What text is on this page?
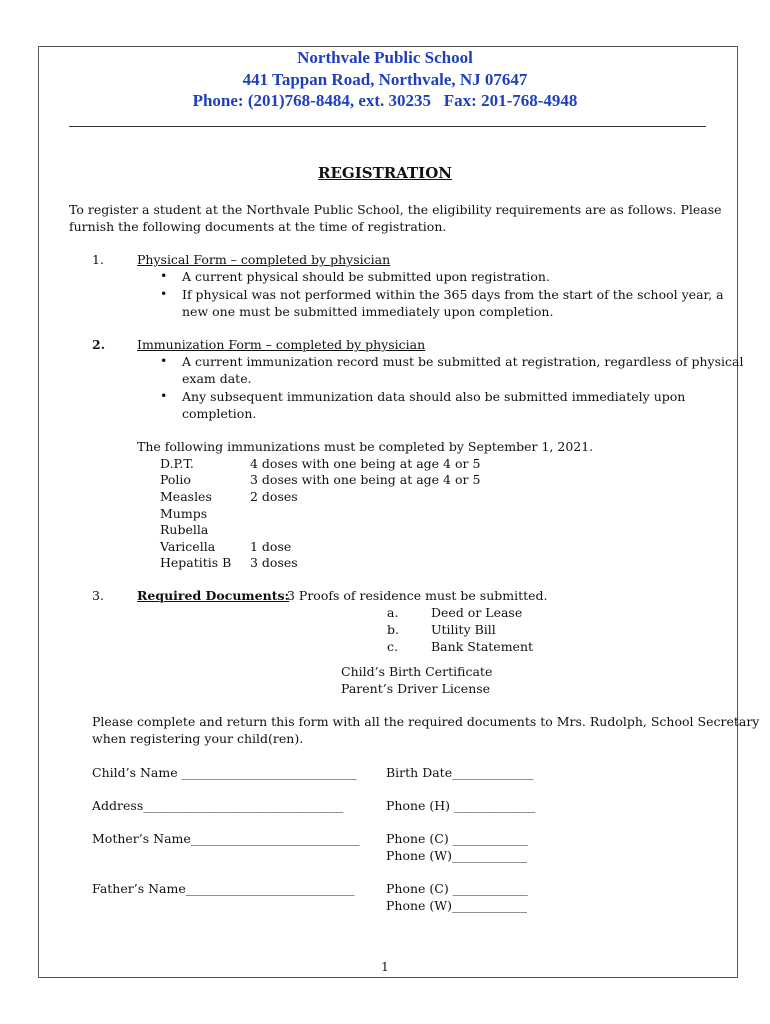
Northvale Public School
441 Tappan Road, Northvale, NJ 07647
Phone: (201)768-8484, ext. 30235   Fax: 201-768-4948
REGISTRATION
To register a student at the Northvale Public School, the eligibility requirements are as follows. Please
furnish the following documents at the time of registration.
1.	Physical Form – completed by physician
• A current physical should be submitted upon registration.
• If physical was not performed within the 365 days from the start of the school year, a
new one must be submitted immediately upon completion.
2.	Immunization Form – completed by physician
• A current immunization record must be submitted at registration, regardless of physical
exam date.
• Any subsequent immunization data should also be submitted immediately upon
completion.
The following immunizations must be completed by September 1, 2021.
D.P.T.	4 doses with one being at age 4 or 5
Polio	3 doses with one being at age 4 or 5
Measles	2 doses
Mumps
Rubella
Varicella	1 dose
Hepatitis B 3 doses
3.	Required Documents:
3 Proofs of residence must be submitted.
a.	Deed or Lease
b.	Utility Bill
c.	Bank Statement
Child’s Birth Certificate
Parent’s Driver License
Please complete and return this form with all the required documents to Mrs. Rudolph, School Secretary
when registering your child(ren).
Child’s Name ____________________________ Birth Date_____________
Address________________________________	Phone (H) _____________
Mother’s Name___________________________ Phone (C) ____________
Phone (W)____________
Father’s Name___________________________	Phone (C) ____________
Phone (W)____________
1
